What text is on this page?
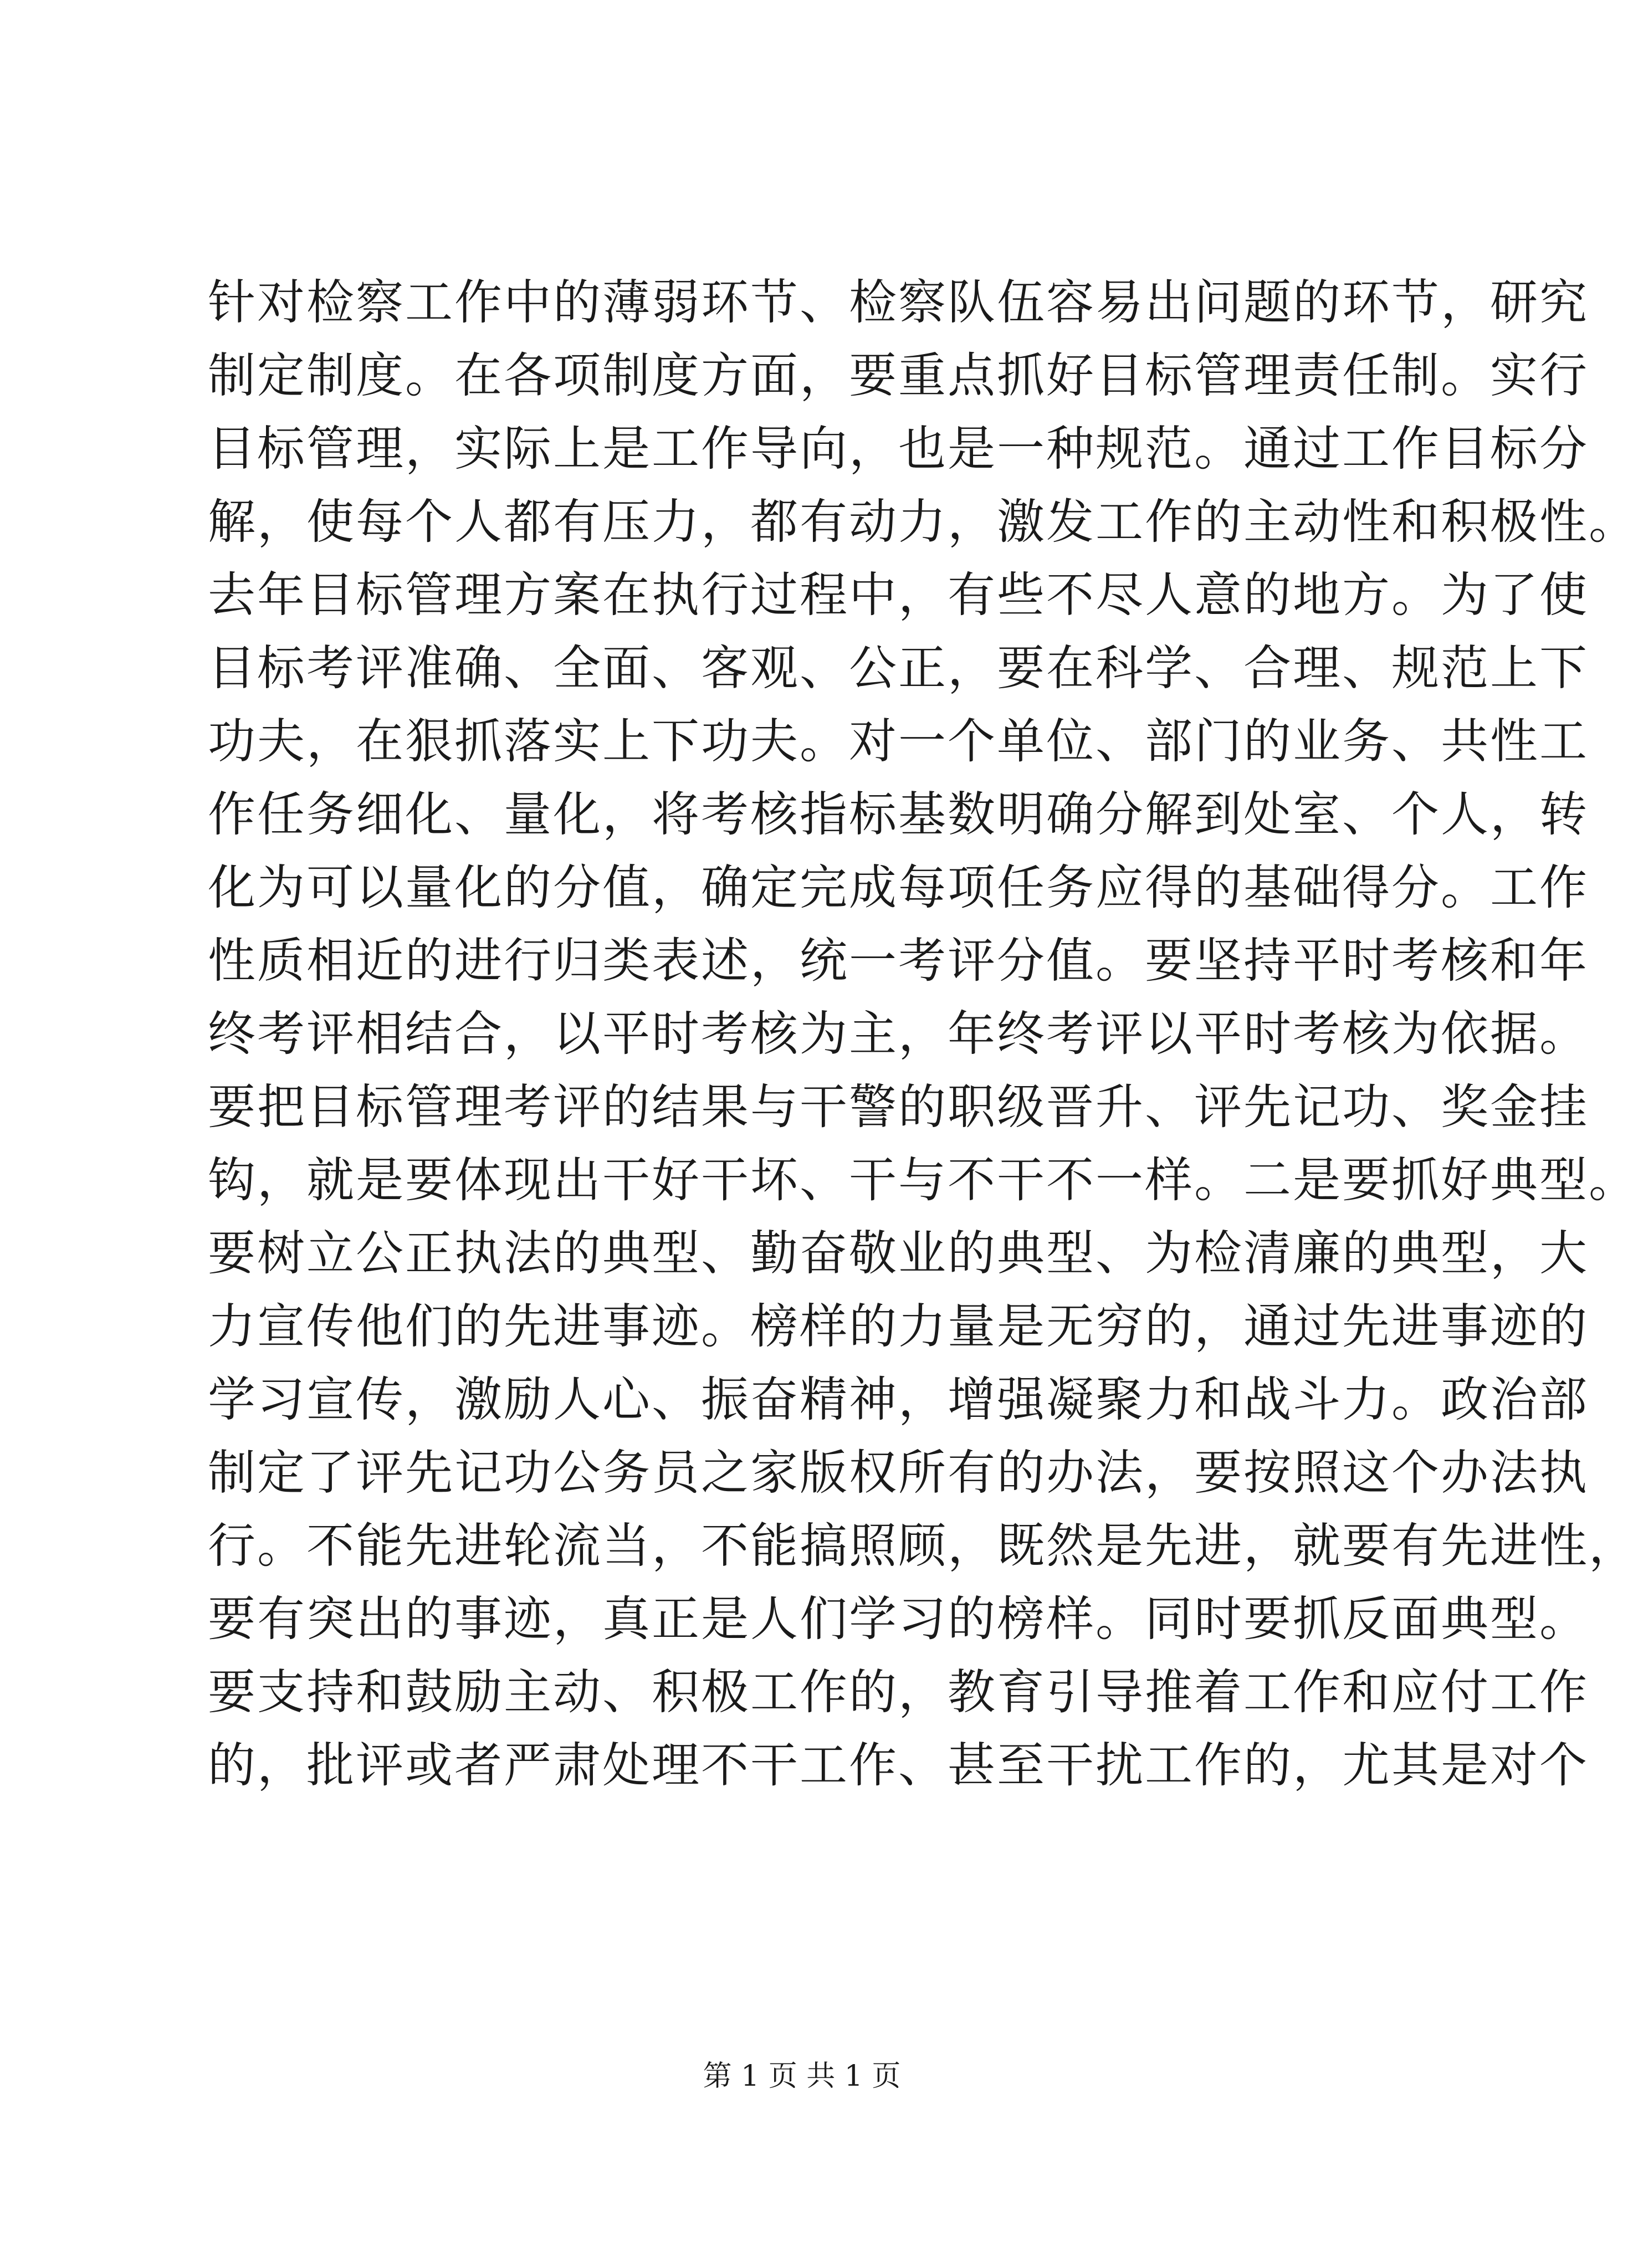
针对检察工作中的薄弱环节、检察队伍容易出问题的环节，研究
制定制度。在各项制度方面，要重点抓好目标管理责任制。实行
目标管理，实际上是工作导向，也是一种规范。通过工作目标分
解，使每个人都有压力，都有动力，激发工作的主动性和积极性。
去年目标管理方案在执行过程中，有些不尽人意的地方。为了使
目标考评准确、全面、客观、公正，要在科学、合理、规范上下
功夫，在狠抓落实上下功夫。对一个单位、部门的业务、共性工
作任务细化、量化，将考核指标基数明确分解到处室、个人，转
化为可以量化的分值，确定完成每项任务应得的基础得分。工作
性质相近的进行归类表述，统一考评分值。要坚持平时考核和年
终考评相结合，以平时考核为主，年终考评以平时考核为依据。
要把目标管理考评的结果与干警的职级晋升、评先记功、奖金挂
钩，就是要体现出干好干坏、干与不干不一样。二是要抓好典型。
要树立公正执法的典型、勤奋敬业的典型、为检清廉的典型，大
力宣传他们的先进事迹。榜样的力量是无穷的，通过先进事迹的
学习宣传，激励人心、振奋精神，增强凝聚力和战斗力。政治部
制定了评先记功公务员之家版权所有的办法，要按照这个办法执
行。不能先进轮流当，不能搞照顾，既然是先进，就要有先进性，
要有突出的事迹，真正是人们学习的榜样。同时要抓反面典型。
要支持和鼓励主动、积极工作的，教育引导推着工作和应付工作
的，批评或者严肃处理不干工作、甚至干扰工作的，尤其是对个
第 1 页 共 1 页
